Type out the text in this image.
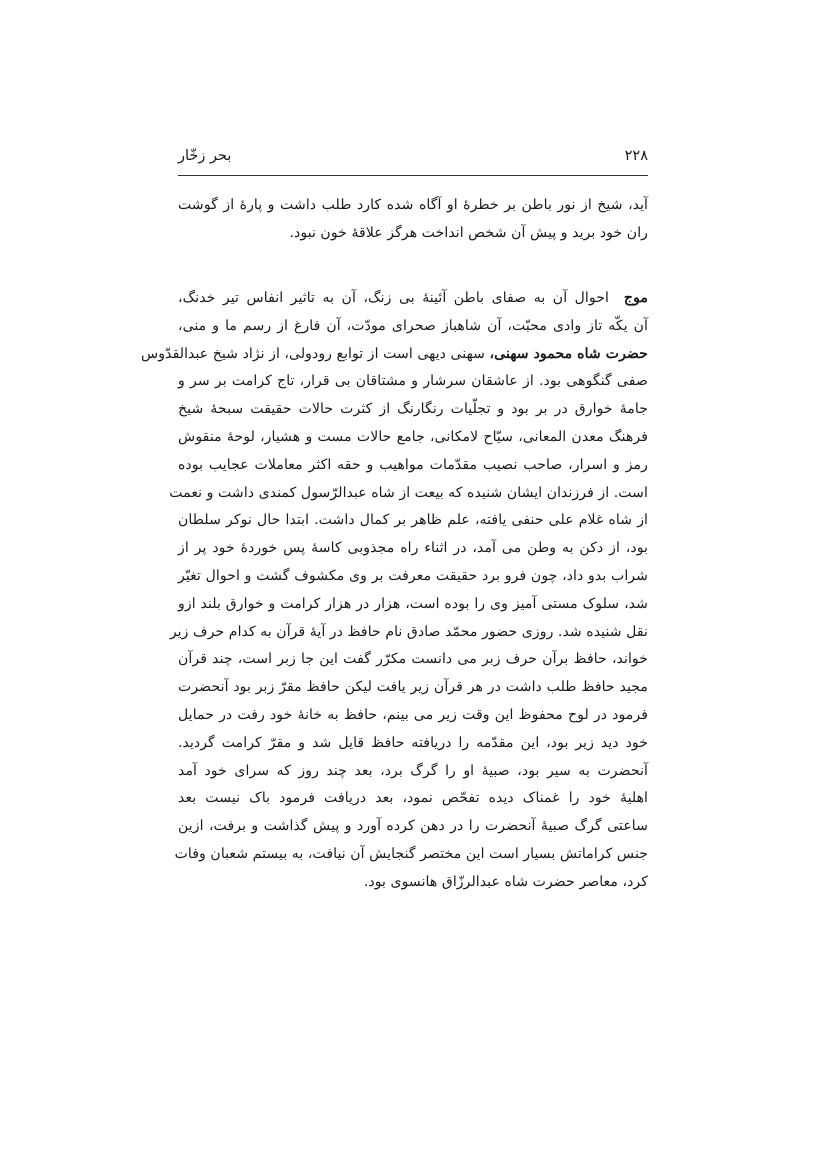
۲۲۸
بحر زخّار
آید، شیخ از نور باطن بر خطرهٔ او آگاه شده کارد طلب داشت و پارهٔ از گوشت
ران خود برید و پیش آن شخص انداخت هرگز علاقهٔ خون نبود.
موج  احوال آن به صفای باطن آئینهٔ بی زنگ، آن به تاثیر انفاس تیر خدنگ،
آن یکّه تاز وادی محبّت، آن شاهباز صحرای مودّت، آن فارغ از رسم ما و منی،
حضرت شاه محمود سهنی، سهنی دیهی است از توابع رودولی، از نژاد شیخ عبدالقدّوس
صفی گنگوهی بود. از عاشقان سرشار و مشتاقان بی قرار، تاج کرامت بر سر و
جامهٔ خوارق در بر بود و تجلّیات رنگارنگ از کثرت حالات حقیقت سبحهٔ شیخ
فرهنگ معدن المعانی، سیّاح لامکانی، جامع حالات مست و هشیار، لوحهٔ منقوش
رمز و اسرار، صاحب نصیب مقدّمات مواهیب و حقه اکثر معاملات عجایب بوده
است. از فرزندان ایشان شنیده که بیعت از شاه عبدالرّسول کمندی داشت و نعمت
از شاه غلام علی حنفی یافته، علم ظاهر بر کمال داشت. ابتدا حال نوکر سلطان
بود، از دکن به وطن می آمد، در اثناء راه مجذوبی کاسهٔ پس خوردهٔ خود پر از
شراب بدو داد، چون فرو برد حقیقت معرفت بر وی مکشوف گشت و احوال تغیّر
شد، سلوک مستی آمیز وی را بوده است، هزار در هزار کرامت و خوارق بلند ازو
نقل شنیده شد. روزی حضور محمّد صادق نام حافظ در آیهٔ قرآن به کدام حرف زیر
خواند، حافظ برآن حرف زبر می دانست مکرّر گفت این جا زبر است، چند قرآن
مجید حافظ طلب داشت در هر قرآن زیر یافت لیکن حافظ مقرّ زبر بود آنحضرت
فرمود در لوح محفوظ این وقت زیر می بینم، حافظ به خانهٔ خود رفت در حمایل
خود دید زیر بود، این مقدّمه را دریافته حافظ قایل شد و مقرّ کرامت گردید.
آنحضرت به سیر بود، صبیهٔ او را گرگ برد، بعد چند روز که سرای خود آمد
اهلیهٔ خود را غمناک دیده تفحّص نمود، بعد دریافت فرمود باک نیست بعد
ساعتی گرگ صبیهٔ آنحضرت را در دهن کرده آورد و پیش گذاشت و برفت، ازین
جنس کراماتش بسیار است این مختصر گنجایش آن نیافت، به بیستم شعبان وفات
کرد، معاصر حضرت شاه عبدالرزّاق هانسوی بود.
